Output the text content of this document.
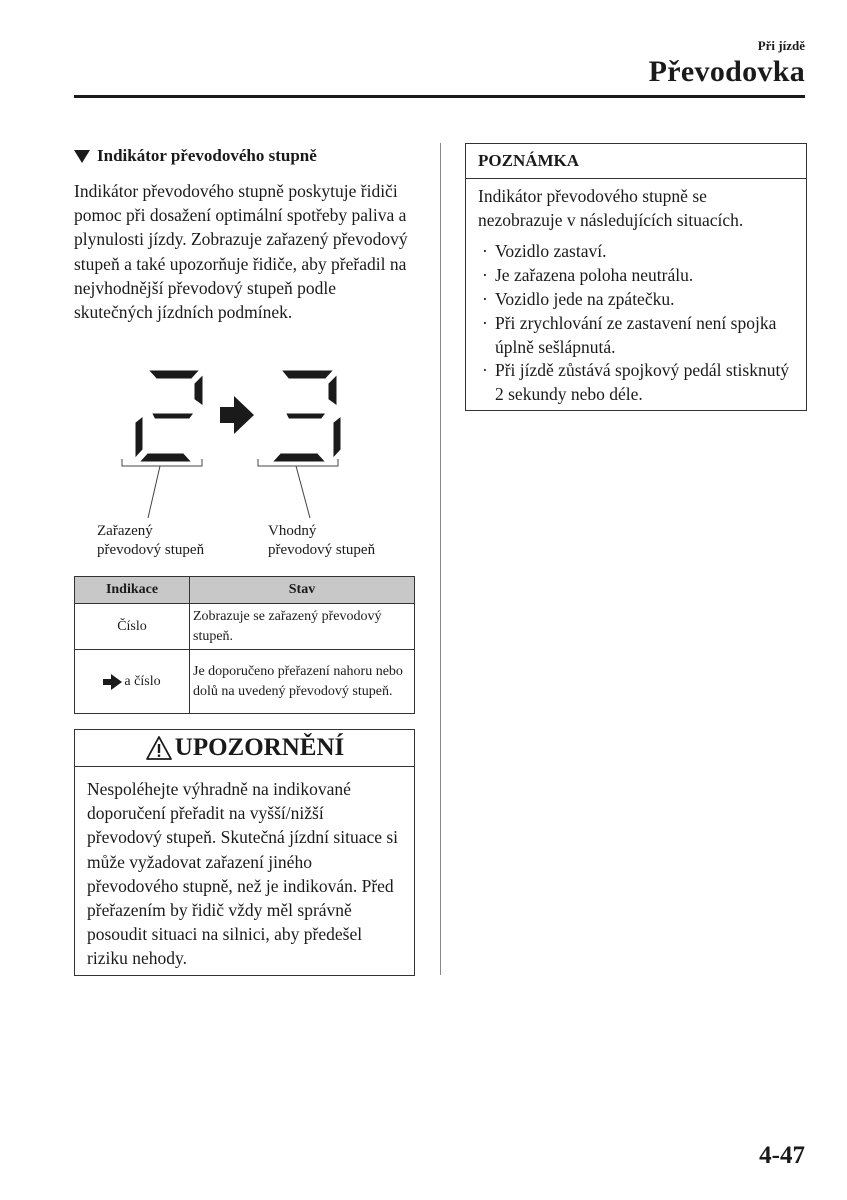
Při jízdě
Převodovka
Indikátor převodového stupně
Indikátor převodového stupně poskytuje řidiči pomoc při dosažení optimální spotřeby paliva a plynulosti jízdy. Zobrazuje zařazený převodový stupeň a také upozorňuje řidiče, aby přeřadil na nejvhodnější převodový stupeň podle skutečných jízdních podmínek.
Zařazený
převodový stupeň
Vhodný
převodový stupeň
Indikace	Stav
Číslo	Zobrazuje se zařazený převodový stupeň.
a číslo	Je doporučeno přeřazení nahoru nebo dolů na uvedený převodový stupeň.
UPOZORNĚNÍ
Nespoléhejte výhradně na indikované doporučení přeřadit na vyšší/nižší převodový stupeň. Skutečná jízdní situace si může vyžadovat zařazení jiného převodového stupně, než je indikován. Před přeřazením by řidič vždy měl správně posoudit situaci na silnici, aby předešel riziku nehody.
POZNÁMKA
Indikátor převodového stupně se nezobrazuje v následujících situacích.
· Vozidlo zastaví.
· Je zařazena poloha neutrálu.
· Vozidlo jede na zpátečku.
· Při zrychlování ze zastavení není spojka úplně sešlápnutá.
· Při jízdě zůstává spojkový pedál stisknutý 2 sekundy nebo déle.
4-47
